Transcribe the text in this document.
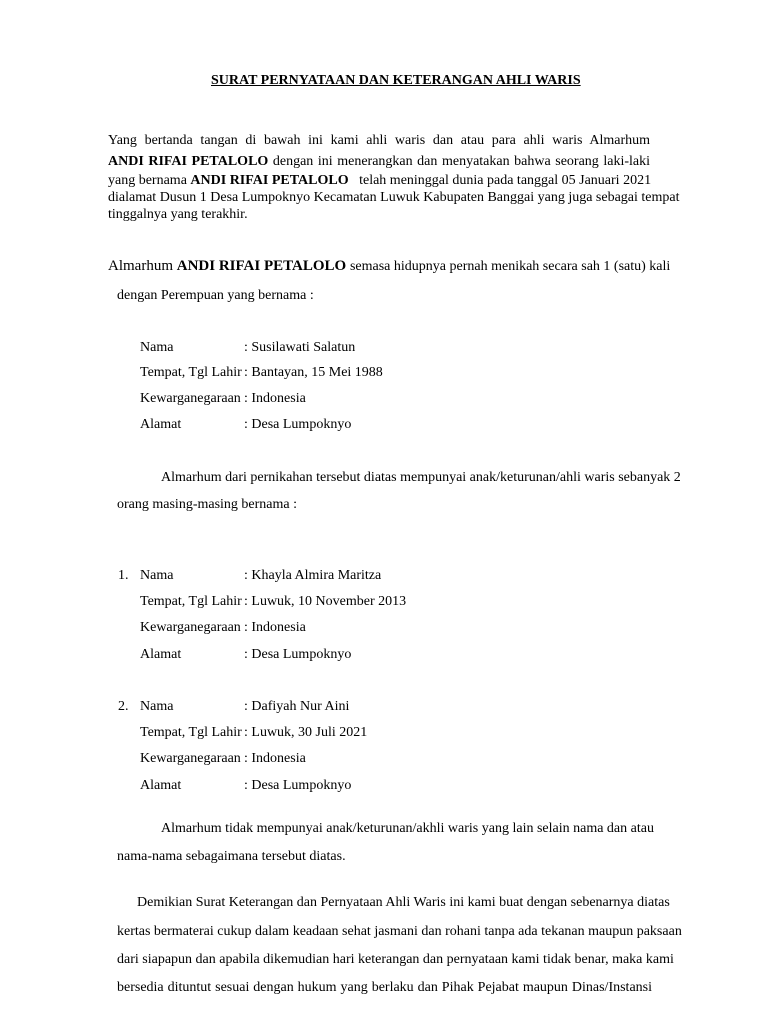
SURAT PERNYATAAN DAN KETERANGAN AHLI WARIS
Yang bertanda tangan di bawah ini kami ahli waris dan atau para ahli waris Almarhum
ANDI RIFAI PETALOLO dengan ini menerangkan dan menyatakan bahwa seorang laki-laki
yang bernama ANDI RIFAI PETALOLO telah meninggal dunia pada tanggal 05 Januari 2021
dialamat Dusun 1 Desa Lumpoknyo Kecamatan Luwuk Kabupaten Banggai yang juga sebagai tempat
tinggalnya yang terakhir.
Almarhum ANDI RIFAI PETALOLO semasa hidupnya pernah menikah secara sah 1 (satu) kali
dengan Perempuan yang bernama :
Nama	: Susilawati Salatun
Tempat, Tgl Lahir : Bantayan, 15 Mei 1988
Kewarganegaraan : Indonesia
Alamat	: Desa Lumpoknyo
Almarhum dari pernikahan tersebut diatas mempunyai anak/keturunan/ahli waris sebanyak 2
orang masing-masing bernama :
1. Nama	: Khayla Almira Maritza
Tempat, Tgl Lahir : Luwuk, 10 November 2013
Kewarganegaraan : Indonesia
Alamat	: Desa Lumpoknyo
2. Nama	: Dafiyah Nur Aini
Tempat, Tgl Lahir : Luwuk, 30 Juli 2021
Kewarganegaraan : Indonesia
Alamat	: Desa Lumpoknyo
Almarhum tidak mempunyai anak/keturunan/akhli waris yang lain selain nama dan atau
nama-nama sebagaimana tersebut diatas.
Demikian Surat Keterangan dan Pernyataan Ahli Waris ini kami buat dengan sebenarnya diatas
kertas bermaterai cukup dalam keadaan sehat jasmani dan rohani tanpa ada tekanan maupun paksaan
dari siapapun dan apabila dikemudian hari keterangan dan pernyataan kami tidak benar, maka kami
bersedia dituntut sesuai dengan hukum yang berlaku dan Pihak Pejabat maupun Dinas/Instansi
